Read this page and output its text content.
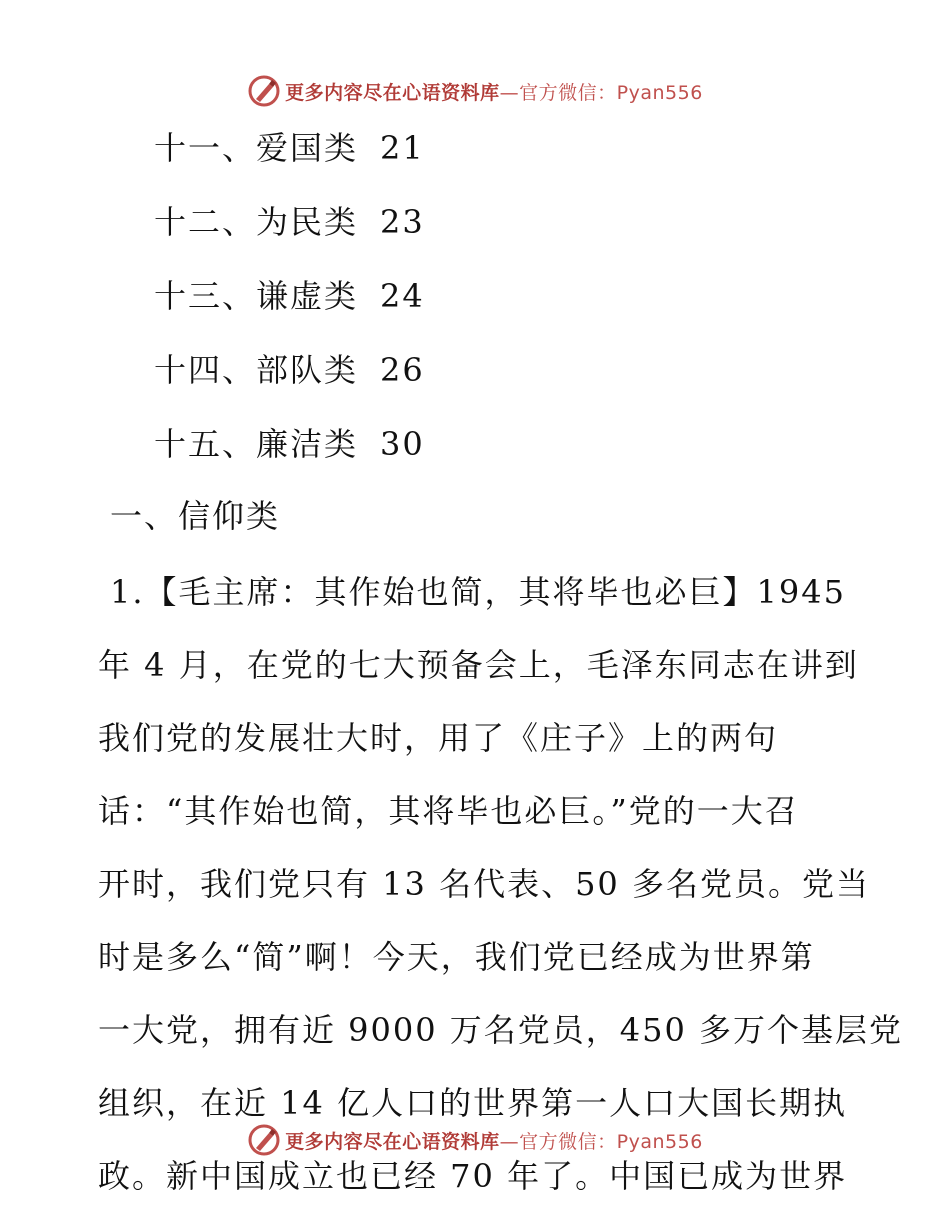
更多内容尽在心语资料库—官方微信：Pyan556
十一、爱国类 21
十二、为民类 23
十三、谦虚类 24
十四、部队类 26
十五、廉洁类 30
一、信仰类
1.【毛主席：其作始也简，其将毕也必巨】1945
年 4 月，在党的七大预备会上，毛泽东同志在讲到
我们党的发展壮大时，用了《庄子》上的两句
话：“其作始也简，其将毕也必巨。”党的一大召
开时，我们党只有 13 名代表、50 多名党员。党当
时是多么“简”啊！今天，我们党已经成为世界第
一大党，拥有近 9000 万名党员，450 多万个基层党
组织，在近 14 亿人口的世界第一人口大国长期执
政。新中国成立也已经 70 年了。中国已成为世界
更多内容尽在心语资料库—官方微信：Pyan556
